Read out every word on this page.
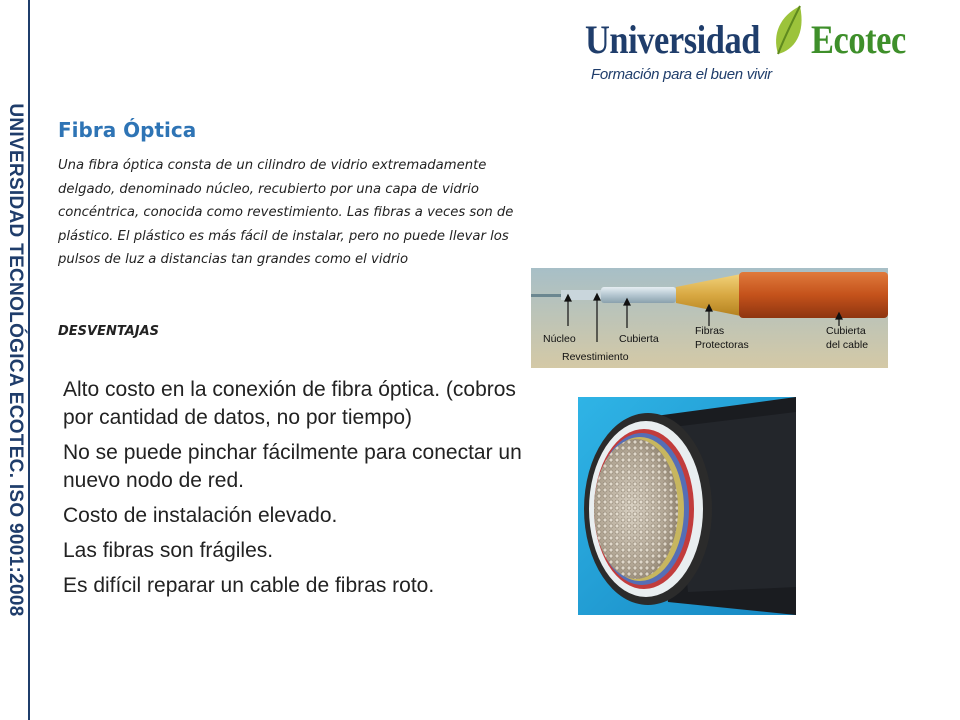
UNIVERSIDAD TECNOLÓGICA ECOTEC. ISO 9001:2008
Universidad Ecotec
Formación para el buen vivir
Fibra Óptica

Una fibra óptica consta de un cilindro de vidrio extremadamente delgado, denominado núcleo, recubierto por una capa de vidrio concéntrica, conocida como revestimiento. Las fibras a veces son de plástico. El plástico es más fácil de instalar, pero no puede llevar los pulsos de luz a distancias tan grandes como el vidrio

DESVENTAJAS
Alto costo en la conexión de fibra óptica. (cobros por cantidad de datos, no por tiempo)
No se puede pinchar fácilmente para conectar un nuevo nodo de red.
Costo de instalación elevado.
Las fibras son frágiles.
Es difícil reparar un cable de fibras roto.
Núcleo
Revestimiento
Cubierta
Fibras
Protectoras
Cubierta
del cable
